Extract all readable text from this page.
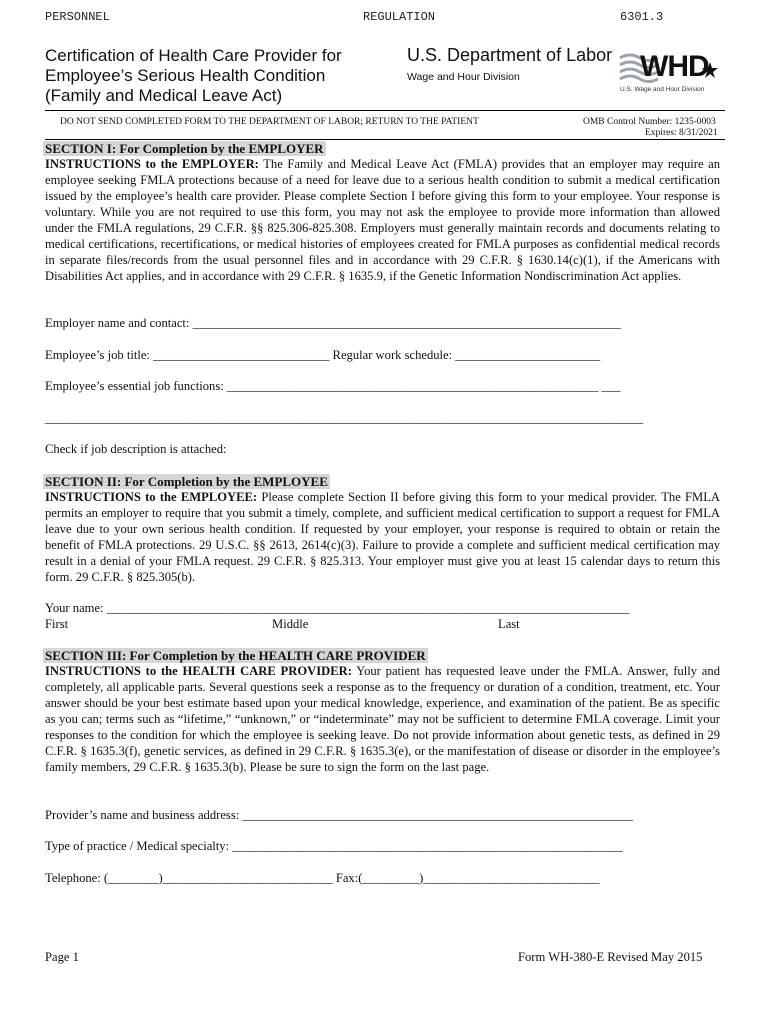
PERSONNEL	REGULATION	6301.3
Certification of Health Care Provider for
Employee’s Serious Health Condition
(Family and Medical Leave Act)
U.S. Department of Labor
Wage and Hour Division	WHD
U.S. Wage and Hour Division
DO NOT SEND COMPLETED FORM TO THE DEPARTMENT OF LABOR; RETURN TO THE PATIENT	OMB Control Number: 1235-0003
Expires: 8/31/2021
SECTION I: For Completion by the EMPLOYER
INSTRUCTIONS to the EMPLOYER: The Family and Medical Leave Act (FMLA) provides that an employer may require an employee seeking FMLA protections because of a need for leave due to a serious health condition to submit a medical certification issued by the employee’s health care provider. Please complete Section I before giving this form to your employee. Your response is voluntary. While you are not required to use this form, you may not ask the employee to provide more information than allowed under the FMLA regulations, 29 C.F.R. §§ 825.306-825.308. Employers must generally maintain records and documents relating to medical certifications, recertifications, or medical histories of employees created for FMLA purposes as confidential medical records in separate files/records from the usual personnel files and in accordance with 29 C.F.R. § 1630.14(c)(1), if the Americans with Disabilities Act applies, and in accordance with 29 C.F.R. § 1635.9, if the Genetic Information Nondiscrimination Act applies.
Employer name and contact: ____________________________________________________________________
Employee’s job title: ____________________________ Regular work schedule: _______________________
Employee’s essential job functions: ___________________________________________________________ ___
_______________________________________________________________________________________________
Check if job description is attached:
SECTION II: For Completion by the EMPLOYEE
INSTRUCTIONS to the EMPLOYEE: Please complete Section II before giving this form to your medical provider. The FMLA permits an employer to require that you submit a timely, complete, and sufficient medical certification to support a request for FMLA leave due to your own serious health condition. If requested by your employer, your response is required to obtain or retain the benefit of FMLA protections. 29 U.S.C. §§ 2613, 2614(c)(3). Failure to provide a complete and sufficient medical certification may result in a denial of your FMLA request. 29 C.F.R. § 825.313. Your employer must give you at least 15 calendar days to return this form. 29 C.F.R. § 825.305(b).
Your name: ___________________________________________________________________________________
First	Middle	Last
SECTION III: For Completion by the HEALTH CARE PROVIDER
INSTRUCTIONS to the HEALTH CARE PROVIDER: Your patient has requested leave under the FMLA. Answer, fully and completely, all applicable parts. Several questions seek a response as to the frequency or duration of a condition, treatment, etc. Your answer should be your best estimate based upon your medical knowledge, experience, and examination of the patient. Be as specific as you can; terms such as “lifetime,” “unknown,” or “indeterminate” may not be sufficient to determine FMLA coverage. Limit your responses to the condition for which the employee is seeking leave. Do not provide information about genetic tests, as defined in 29 C.F.R. § 1635.3(f), genetic services, as defined in 29 C.F.R. § 1635.3(e), or the manifestation of disease or disorder in the employee’s family members, 29 C.F.R. § 1635.3(b). Please be sure to sign the form on the last page.
Provider’s name and business address: ______________________________________________________________
Type of practice / Medical specialty: ______________________________________________________________
Telephone: (________)___________________________ Fax:(_________)____________________________
Page 1	Form WH-380-E Revised May 2015
